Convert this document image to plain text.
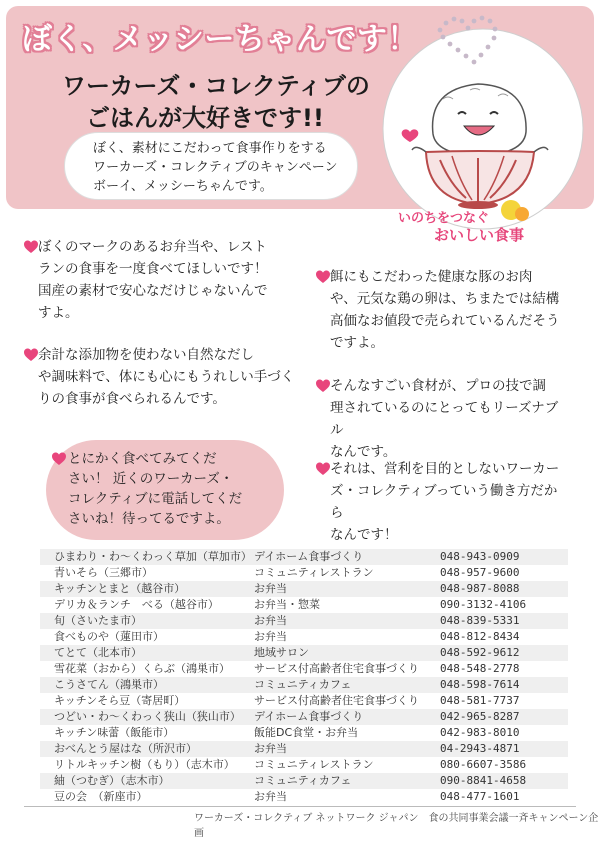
ぼく、メッシーちゃんです！
ワーカーズ・コレクティブの
ごはんが大好きです!!

ぼく、素材にこだわって食事作りをする
ワーカーズ・コレクティブのキャンペーン
ボーイ、メッシーちゃんです。

いのちをつなぐ
おいしい食事

ぼくのマークのあるお弁当や、レスト
ランの食事を一度食べてほしいです！
国産の素材で安心なだけじゃないんで
すよ。

余計な添加物を使わない自然なだし
や調味料で、体にも心にもうれしい手づく
りの食事が食べられるんです。

とにかく食べてみてくだ
さい！ 近くのワーカーズ・
コレクティブに電話してくだ
さいね！待ってるですよ。

餌にもこだわった健康な豚のお肉
や、元気な鶏の卵は、ちまたでは結構
高価なお値段で売られているんだそう
ですよ。

そんなすごい食材が、プロの技で調
理されているのにとってもリーズナブル
なんです。

それは、営利を目的としないワーカー
ズ・コレクティブっていう働き方だから
なんです！

ひまわり・わ～くわっく草加（草加市）	デイホーム食事づくり	048-943-0909
青いそら（三郷市）	コミュニティレストラン	048-957-9600
キッチンとまと（越谷市）	お弁当	048-987-8088
デリカ＆ランチ　べる（越谷市）	お弁当・惣菜	090-3132-4106
旬（さいたま市）	お弁当	048-839-5331
食べものや（蓮田市）	お弁当	048-812-8434
てとて（北本市）	地域サロン	048-592-9612
雪花菜（おから）くらぶ（鴻巣市）	サービス付高齢者住宅食事づくり	048-548-2778
こうさてん（鴻巣市）	コミュニティカフェ	048-598-7614
キッチンそら豆（寄居町）	サービス付高齢者住宅食事づくり	048-581-7737
つどい・わ～くわっく狭山（狭山市）	デイホーム食事づくり	042-965-8287
キッチン味蕾（飯能市）	飯能DC食堂・お弁当	042-983-8010
おべんとう屋はな（所沢市）	お弁当	04-2943-4871
リトルキッチン樹（もり）（志木市）	コミュニティレストラン	080-6607-3586
紬（つむぎ）（志木市）	コミュニティカフェ	090-8841-4658
豆の会　（新座市）	お弁当	048-477-1601

ワーカーズ・コレクティブ ネットワーク ジャパン　食の共同事業会議一斉キャンペーン企画
